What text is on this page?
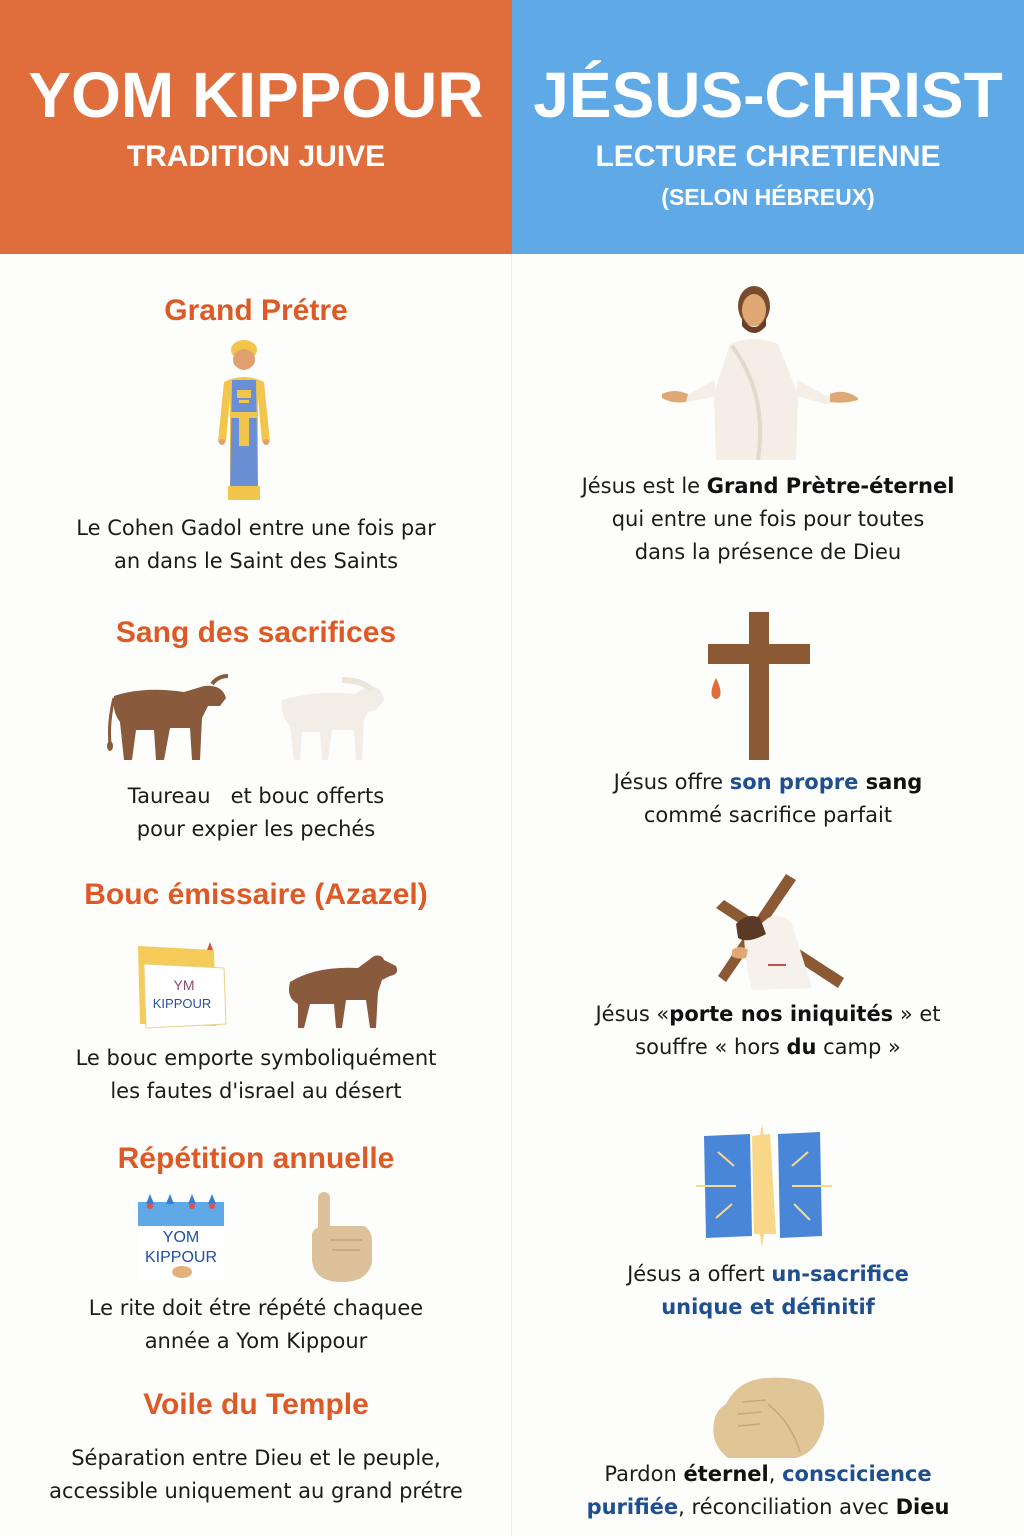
YOM KIPPOUR
TRADITION JUIVE
JÉSUS-CHRIST
LECTURE CHRETIENNE
(SELON HÉBREUX)
Grand Prétre
Le Cohen Gadol entre une fois par
an dans le Saint des Saints
Sang des sacrifices
Taureau   et bouc offerts
pour expier les pechés
Bouc émissaire (Azazel)
YM
KIPPOUR
Le bouc emporte symboliquément
les fautes d'israel au désert
Répétition annuelle
YOM
KIPPOUR
Le rite doit étre répété chaquee
année a Yom Kippour
Voile du Temple
Séparation entre Dieu et le peuple,
accessible uniquement au grand prétre
Jésus est le Grand Prètre-éternel
qui entre une fois pour toutes
dans la présence de Dieu
Jésus offre son propre sang
commé sacrifice parfait
Jésus «porte nos iniquités » et
souffre « hors du camp »
Jésus a offert un-sacrifice
unique et définitif
Pardon éternel, conscicience
purifiée, réconciliation avec Dieu
